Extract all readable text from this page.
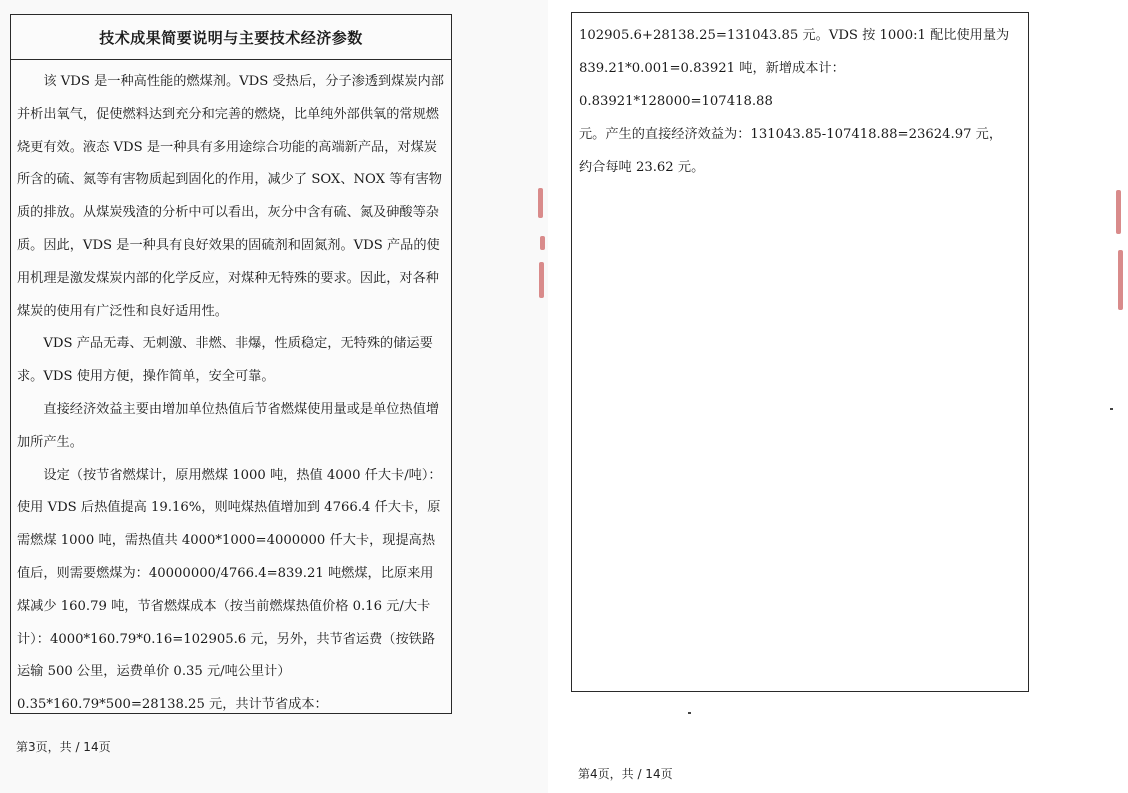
技术成果简要说明与主要技术经济参数

该 VDS 是一种高性能的燃煤剂。VDS 受热后，分子渗透到煤炭内部并析出氧气，促使燃料达到充分和完善的燃烧，比单纯外部供氧的常规燃烧更有效。液态 VDS 是一种具有多用途综合功能的高端新产品，对煤炭所含的硫、氮等有害物质起到固化的作用，减少了 SOX、NOX 等有害物质的排放。从煤炭残渣的分析中可以看出，灰分中含有硫、氮及砷酸等杂质。因此，VDS 是一种具有良好效果的固硫剂和固氮剂。VDS 产品的使用机理是激发煤炭内部的化学反应，对煤种无特殊的要求。因此，对各种煤炭的使用有广泛性和良好适用性。

VDS 产品无毒、无刺激、非燃、非爆，性质稳定，无特殊的储运要求。VDS 使用方便，操作简单，安全可靠。

直接经济效益主要由增加单位热值后节省燃煤使用量或是单位热值增加所产生。

设定（按节省燃煤计，原用燃煤 1000 吨，热值 4000 仟大卡/吨）：使用 VDS 后热值提高 19.16%，则吨煤热值增加到 4766.4 仟大卡，原需燃煤 1000 吨，需热值共 4000*1000=4000000 仟大卡，现提高热值后，则需要燃煤为：40000000/4766.4=839.21 吨燃煤，比原来用煤减少 160.79 吨，节省燃煤成本（按当前燃煤热值价格 0.16 元/大卡计）：4000*160.79*0.16=102905.6 元，另外，共节省运费（按铁路运输 500 公里，运费单价 0.35 元/吨公里计）

0.35*160.79*500=28138.25 元，共计节省成本：

第3页，共 / 14页

102905.6+28138.25=131043.85 元。VDS 按 1000:1 配比使用量为

839.21*0.001=0.83921 吨，新增成本计：0.83921*128000=107418.88

元。产生的直接经济效益为：131043.85-107418.88=23624.97 元，

约合每吨 23.62 元。

第4页，共 / 14页
